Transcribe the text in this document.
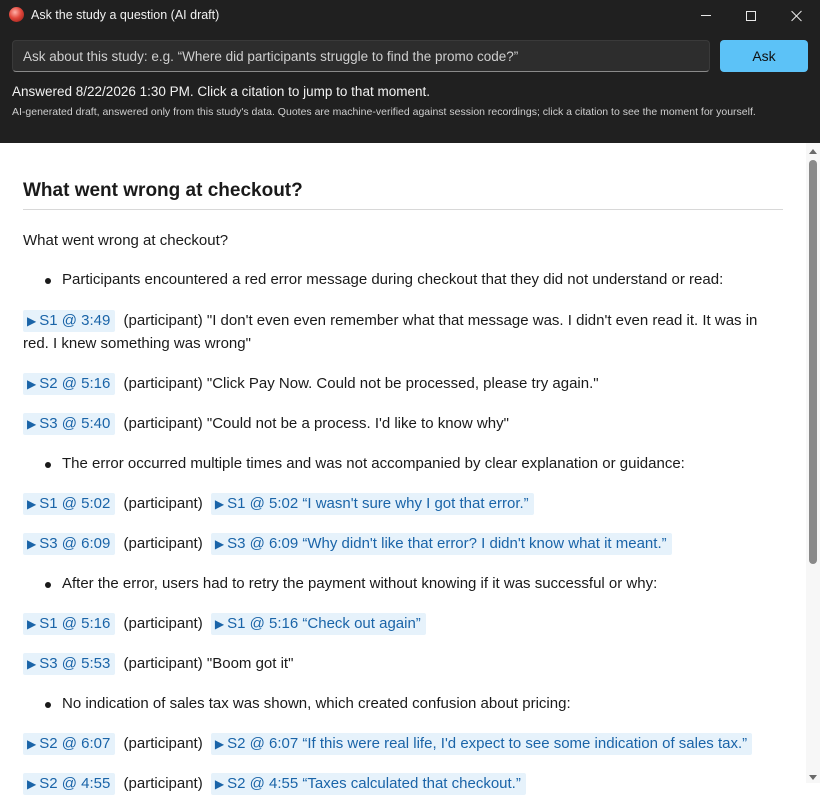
Ask the study a question (AI draft)
Ask about this study: e.g. “Where did participants struggle to find the promo code?”
Ask
Answered 8/22/2026 1:30 PM. Click a citation to jump to that moment.
AI-generated draft, answered only from this study's data. Quotes are machine-verified against session recordings; click a citation to see the moment for yourself.
What went wrong at checkout?
What went wrong at checkout?
Participants encountered a red error message during checkout that they did not understand or read:
▶ S1 @ 3:49 (participant) "I don't even even remember what that message was. I didn't even read it. It was in red. I knew something was wrong"
▶ S2 @ 5:16 (participant) "Click Pay Now. Could not be processed, please try again."
▶ S3 @ 5:40 (participant) "Could not be a process. I'd like to know why"
The error occurred multiple times and was not accompanied by clear explanation or guidance:
▶ S1 @ 5:02 (participant) ▶ S1 @ 5:02 “I wasn't sure why I got that error.”
▶ S3 @ 6:09 (participant) ▶ S3 @ 6:09 “Why didn't like that error? I didn't know what it meant.”
After the error, users had to retry the payment without knowing if it was successful or why:
▶ S1 @ 5:16 (participant) ▶ S1 @ 5:16 “Check out again”
▶ S3 @ 5:53 (participant) "Boom got it"
No indication of sales tax was shown, which created confusion about pricing:
▶ S2 @ 6:07 (participant) ▶ S2 @ 6:07 “If this were real life, I'd expect to see some indication of sales tax.”
▶ S2 @ 4:55 (participant) ▶ S2 @ 4:55 “Taxes calculated that checkout.”
